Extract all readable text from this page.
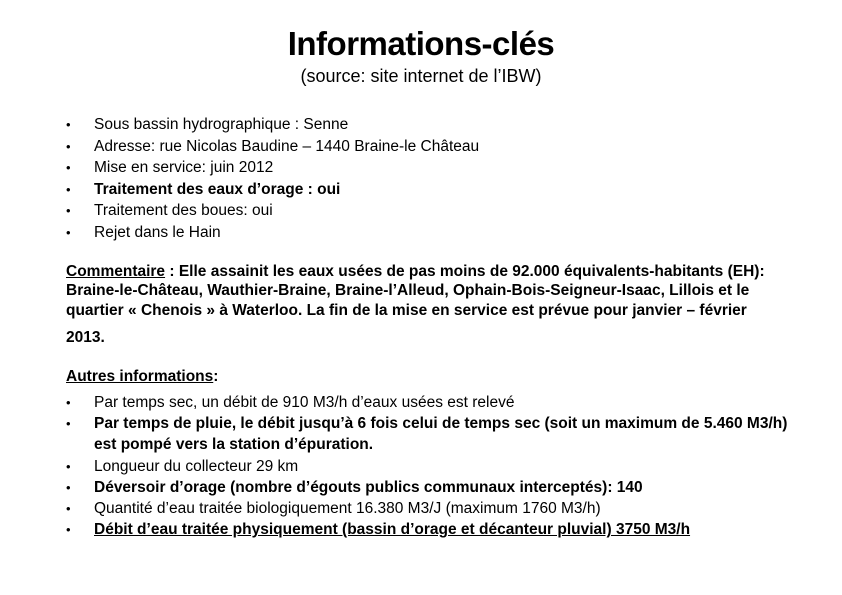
Informations-clés
(source: site internet de l’IBW)
•	Sous bassin hydrographique : Senne
•	Adresse: rue Nicolas Baudine – 1440 Braine-le Château
•	Mise en service: juin 2012
•	Traitement des eaux d’orage : oui
•	Traitement des boues: oui
•	Rejet dans le Hain
Commentaire : Elle assainit les eaux usées de pas moins de 92.000 équivalents-habitants (EH): Braine-le-Château, Wauthier-Braine, Braine-l’Alleud, Ophain-Bois-Seigneur-Isaac, Lillois et le quartier « Chenois » à Waterloo. La fin de la mise en service est prévue pour janvier – février
2013.
Autres informations:
•	Par temps sec, un débit de 910 M3/h d’eaux usées est relevé
•	Par temps de pluie, le débit jusqu’à 6 fois celui de temps sec (soit un maximum de 5.460 M3/h) est pompé vers la station d’épuration.
•	Longueur du collecteur 29 km
•	Déversoir d’orage (nombre d’égouts publics communaux interceptés): 140
•	Quantité d’eau traitée biologiquement 16.380 M3/J (maximum 1760 M3/h)
•	Débit d’eau traitée physiquement (bassin d’orage et décanteur pluvial) 3750 M3/h
